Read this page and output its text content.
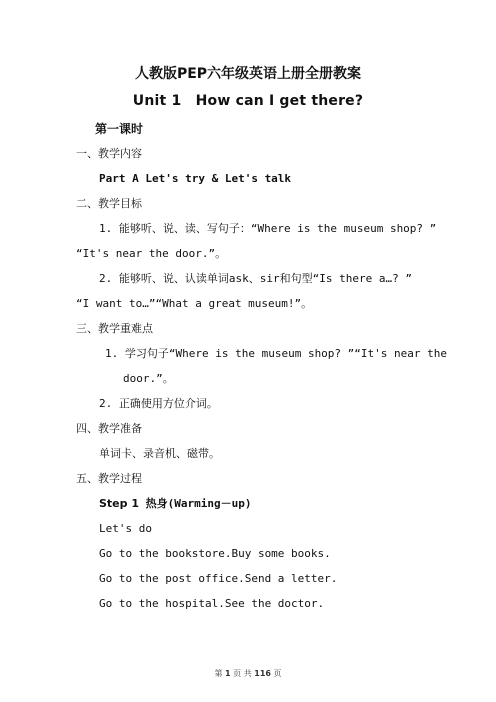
人教版PEP六年级英语上册全册教案
Unit 1　How can I get there?
第一课时
一、教学内容
Part A Let's try & Let's talk
二、教学目标
1. 能够听、说、读、写句子：“Where is the museum shop? ”
“It's near the door.”。
2. 能够听、说、认读单词ask、sir和句型“Is there a…? ”
“I want to…”“What a great museum!”。
三、教学重难点
1. 学习句子“Where is the museum shop? ”“It's near the
door.”。
2. 正确使用方位介词。
四、教学准备
单词卡、录音机、磁带。
五、教学过程
Step 1 热身(Warming－up)
Let's do
Go to the bookstore.Buy some books.
Go to the post office.Send a letter.
Go to the hospital.See the doctor.
第 1 页 共 116 页
